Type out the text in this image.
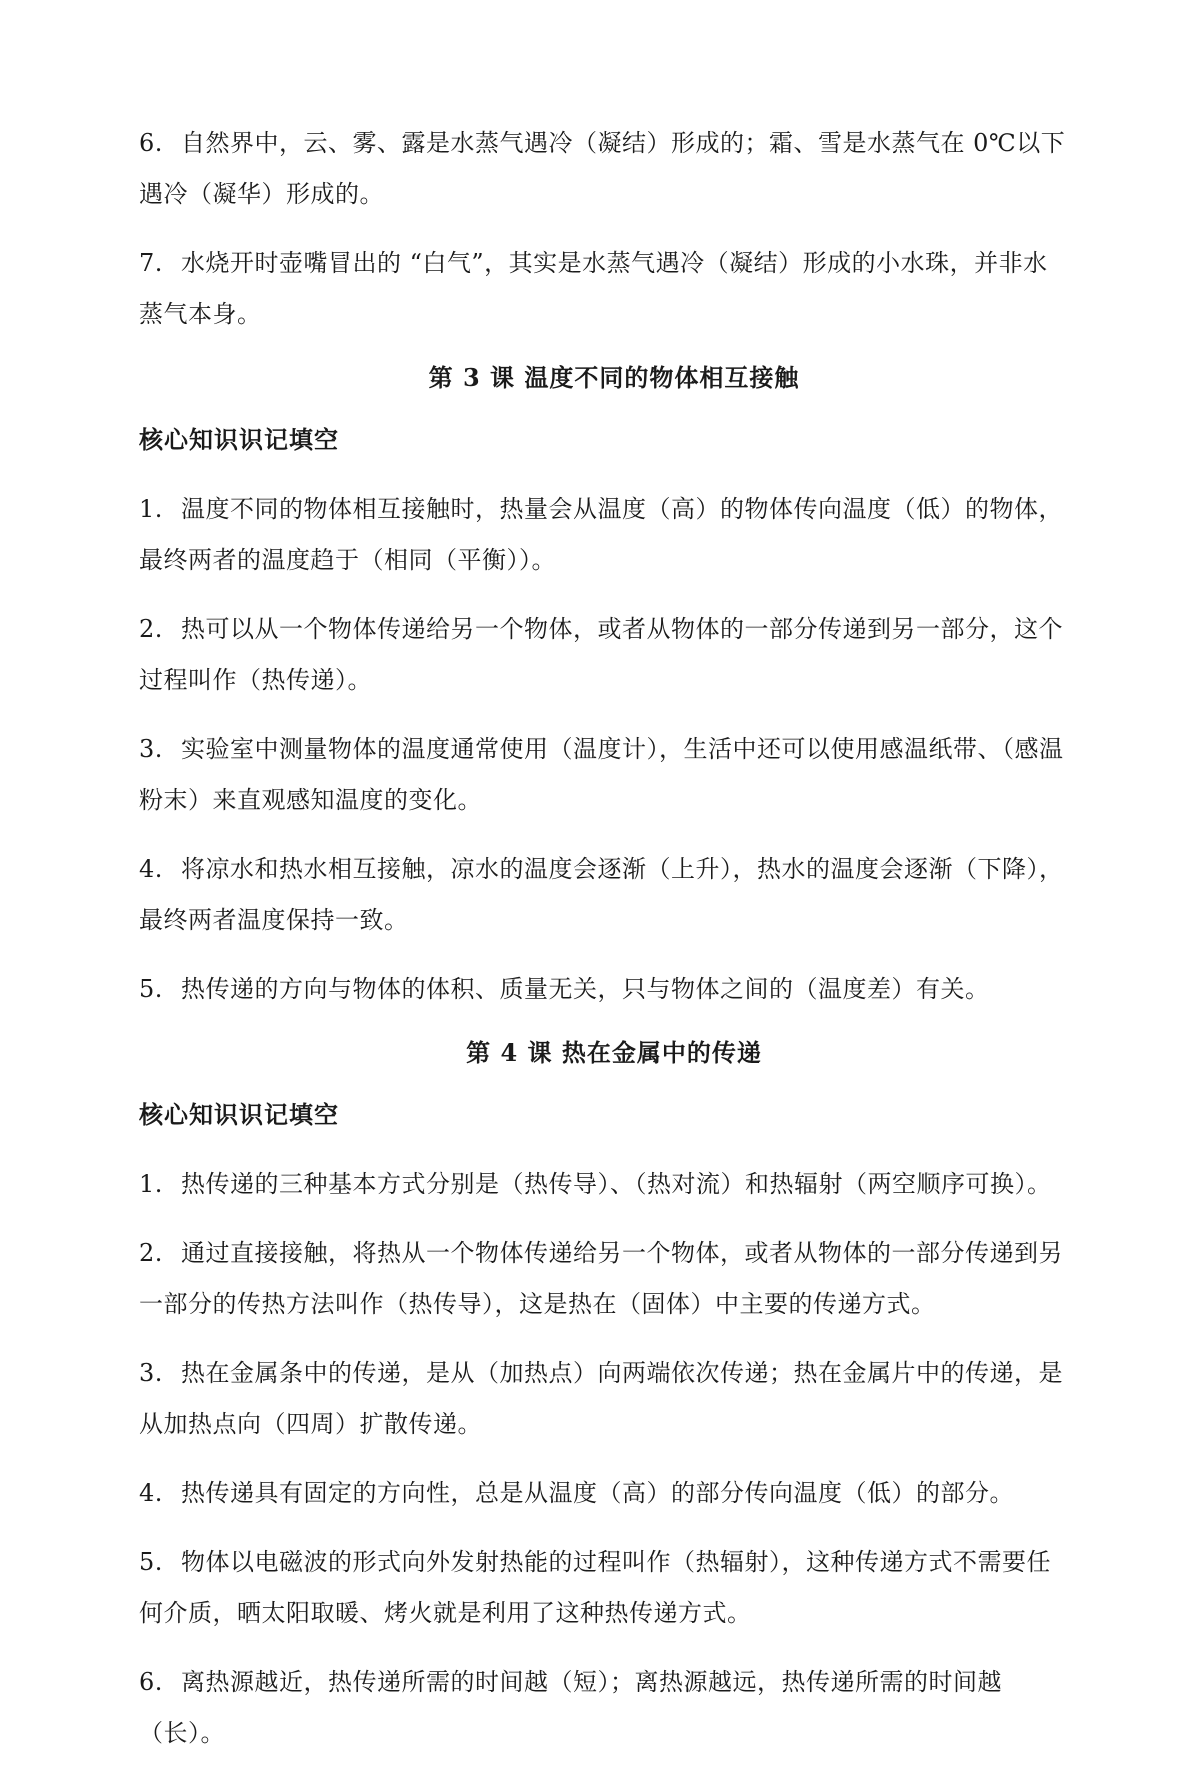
6. 自然界中，云、雾、露是水蒸气遇冷（凝结）形成的；霜、雪是水蒸气在 0℃以下遇冷（凝华）形成的。
7. 水烧开时壶嘴冒出的 “白气”，其实是水蒸气遇冷（凝结）形成的小水珠，并非水蒸气本身。
第 3 课 温度不同的物体相互接触
核心知识识记填空
1. 温度不同的物体相互接触时，热量会从温度（高）的物体传向温度（低）的物体，最终两者的温度趋于（相同（平衡））。
2. 热可以从一个物体传递给另一个物体，或者从物体的一部分传递到另一部分，这个过程叫作（热传递）。
3. 实验室中测量物体的温度通常使用（温度计），生活中还可以使用感温纸带、（感温粉末）来直观感知温度的变化。
4. 将凉水和热水相互接触，凉水的温度会逐渐（上升），热水的温度会逐渐（下降），最终两者温度保持一致。
5. 热传递的方向与物体的体积、质量无关，只与物体之间的（温度差）有关。
第 4 课 热在金属中的传递
核心知识识记填空
1. 热传递的三种基本方式分别是（热传导）、（热对流）和热辐射（两空顺序可换）。
2. 通过直接接触，将热从一个物体传递给另一个物体，或者从物体的一部分传递到另一部分的传热方法叫作（热传导），这是热在（固体）中主要的传递方式。
3. 热在金属条中的传递，是从（加热点）向两端依次传递；热在金属片中的传递，是从加热点向（四周）扩散传递。
4. 热传递具有固定的方向性，总是从温度（高）的部分传向温度（低）的部分。
5. 物体以电磁波的形式向外发射热能的过程叫作（热辐射），这种传递方式不需要任何介质，晒太阳取暖、烤火就是利用了这种热传递方式。
6. 离热源越近，热传递所需的时间越（短）；离热源越远，热传递所需的时间越（长）。
